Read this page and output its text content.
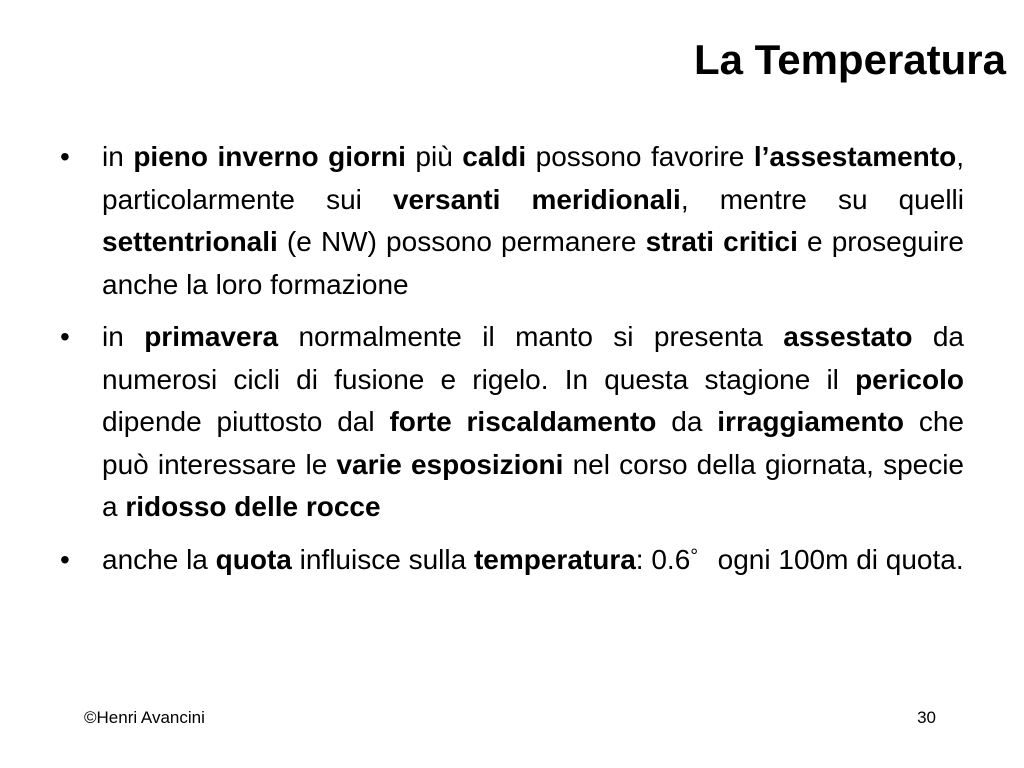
La Temperatura
•	in pieno inverno giorni più caldi possono favorire l’assestamento, particolarmente sui versanti meridionali, mentre su quelli settentrionali (e NW) possono permanere strati critici e proseguire anche la loro formazione
•	in primavera normalmente il manto si presenta assestato da numerosi cicli di fusione e rigelo. In questa stagione il pericolo dipende piuttosto dal forte riscaldamento da irraggiamento che può interessare le varie esposizioni nel corso della giornata, specie a ridosso delle rocce
•	anche la quota influisce sulla temperatura: 0.6° ogni 100m di quota.
©Henri Avancini	30
